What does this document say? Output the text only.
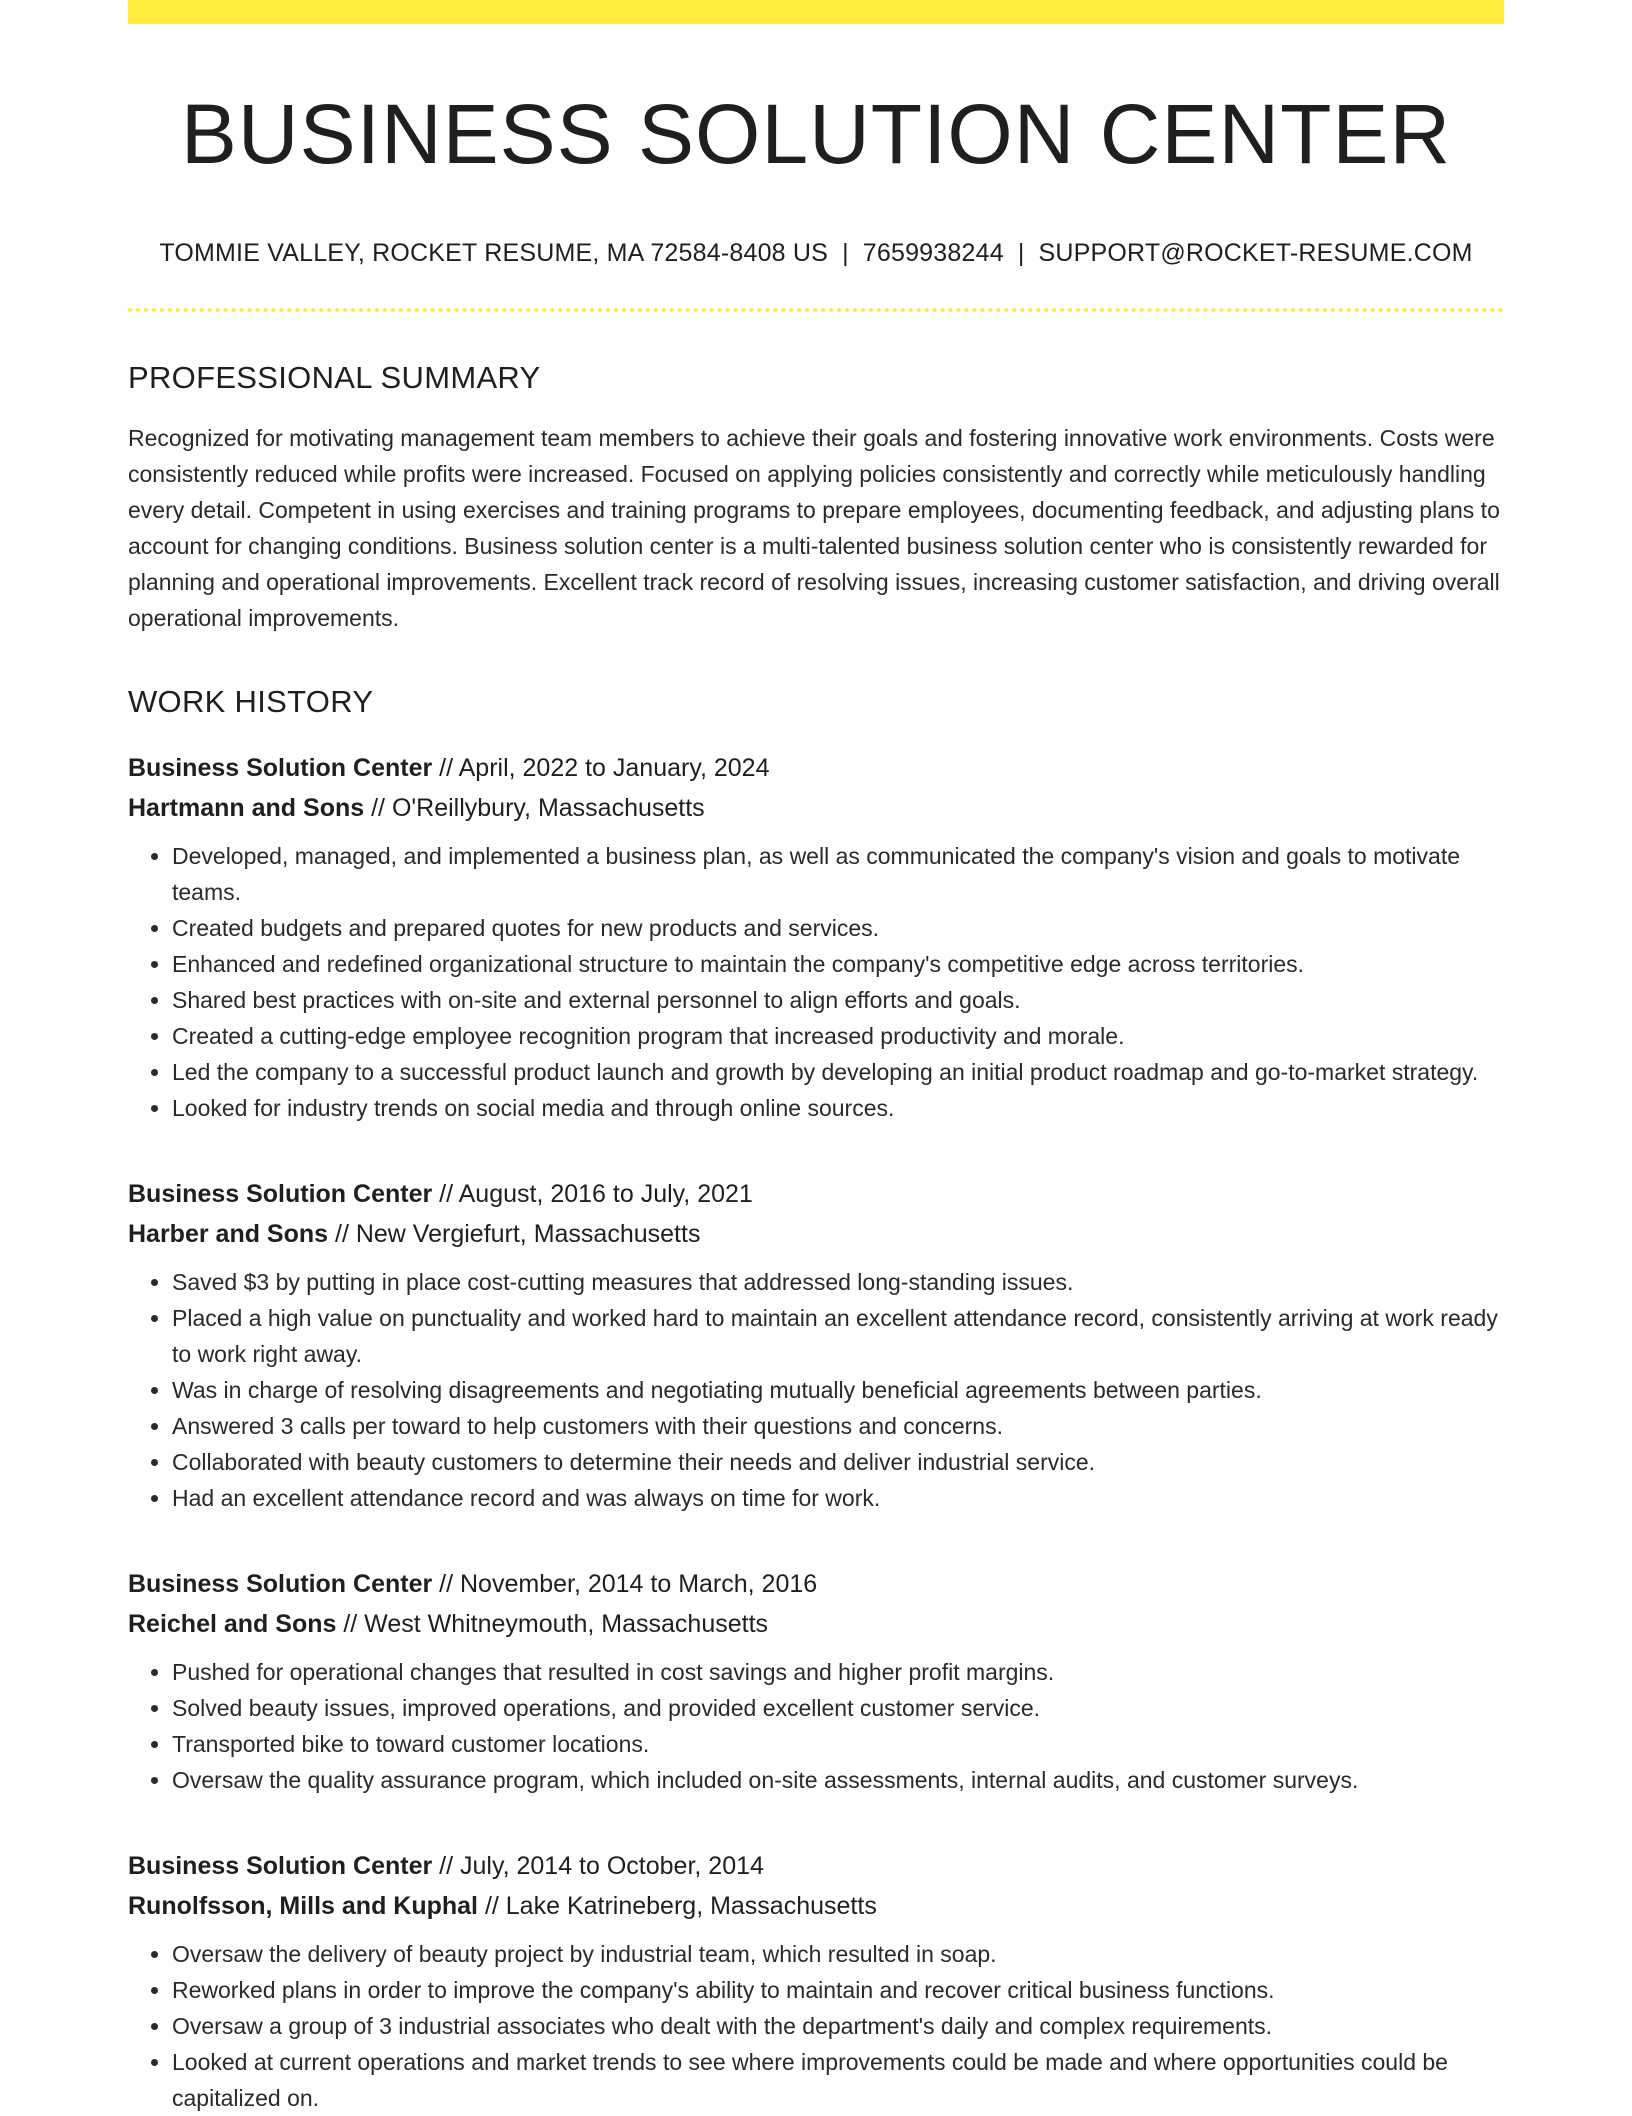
BUSINESS SOLUTION CENTER
TOMMIE VALLEY, ROCKET RESUME, MA 72584-8408 US | 7659938244 | SUPPORT@ROCKET-RESUME.COM
PROFESSIONAL SUMMARY

Recognized for motivating management team members to achieve their goals and fostering innovative work environments. Costs were consistently reduced while profits were increased. Focused on applying policies consistently and correctly while meticulously handling every detail. Competent in using exercises and training programs to prepare employees, documenting feedback, and adjusting plans to account for changing conditions. Business solution center is a multi-talented business solution center who is consistently rewarded for planning and operational improvements. Excellent track record of resolving issues, increasing customer satisfaction, and driving overall operational improvements.

WORK HISTORY
Business Solution Center // April, 2022 to January, 2024
Hartmann and Sons // O'Reillybury, Massachusetts
• Developed, managed, and implemented a business plan, as well as communicated the company's vision and goals to motivate teams.
• Created budgets and prepared quotes for new products and services.
• Enhanced and redefined organizational structure to maintain the company's competitive edge across territories.
• Shared best practices with on-site and external personnel to align efforts and goals.
• Created a cutting-edge employee recognition program that increased productivity and morale.
• Led the company to a successful product launch and growth by developing an initial product roadmap and go-to-market strategy.
• Looked for industry trends on social media and through online sources.
Business Solution Center // August, 2016 to July, 2021
Harber and Sons // New Vergiefurt, Massachusetts
• Saved $3 by putting in place cost-cutting measures that addressed long-standing issues.
• Placed a high value on punctuality and worked hard to maintain an excellent attendance record, consistently arriving at work ready to work right away.
• Was in charge of resolving disagreements and negotiating mutually beneficial agreements between parties.
• Answered 3 calls per toward to help customers with their questions and concerns.
• Collaborated with beauty customers to determine their needs and deliver industrial service.
• Had an excellent attendance record and was always on time for work.
Business Solution Center // November, 2014 to March, 2016
Reichel and Sons // West Whitneymouth, Massachusetts
• Pushed for operational changes that resulted in cost savings and higher profit margins.
• Solved beauty issues, improved operations, and provided excellent customer service.
• Transported bike to toward customer locations.
• Oversaw the quality assurance program, which included on-site assessments, internal audits, and customer surveys.
Business Solution Center // July, 2014 to October, 2014
Runolfsson, Mills and Kuphal // Lake Katrineberg, Massachusetts
• Oversaw the delivery of beauty project by industrial team, which resulted in soap.
• Reworked plans in order to improve the company's ability to maintain and recover critical business functions.
• Oversaw a group of 3 industrial associates who dealt with the department's daily and complex requirements.
• Looked at current operations and market trends to see where improvements could be made and where opportunities could be capitalized on.
